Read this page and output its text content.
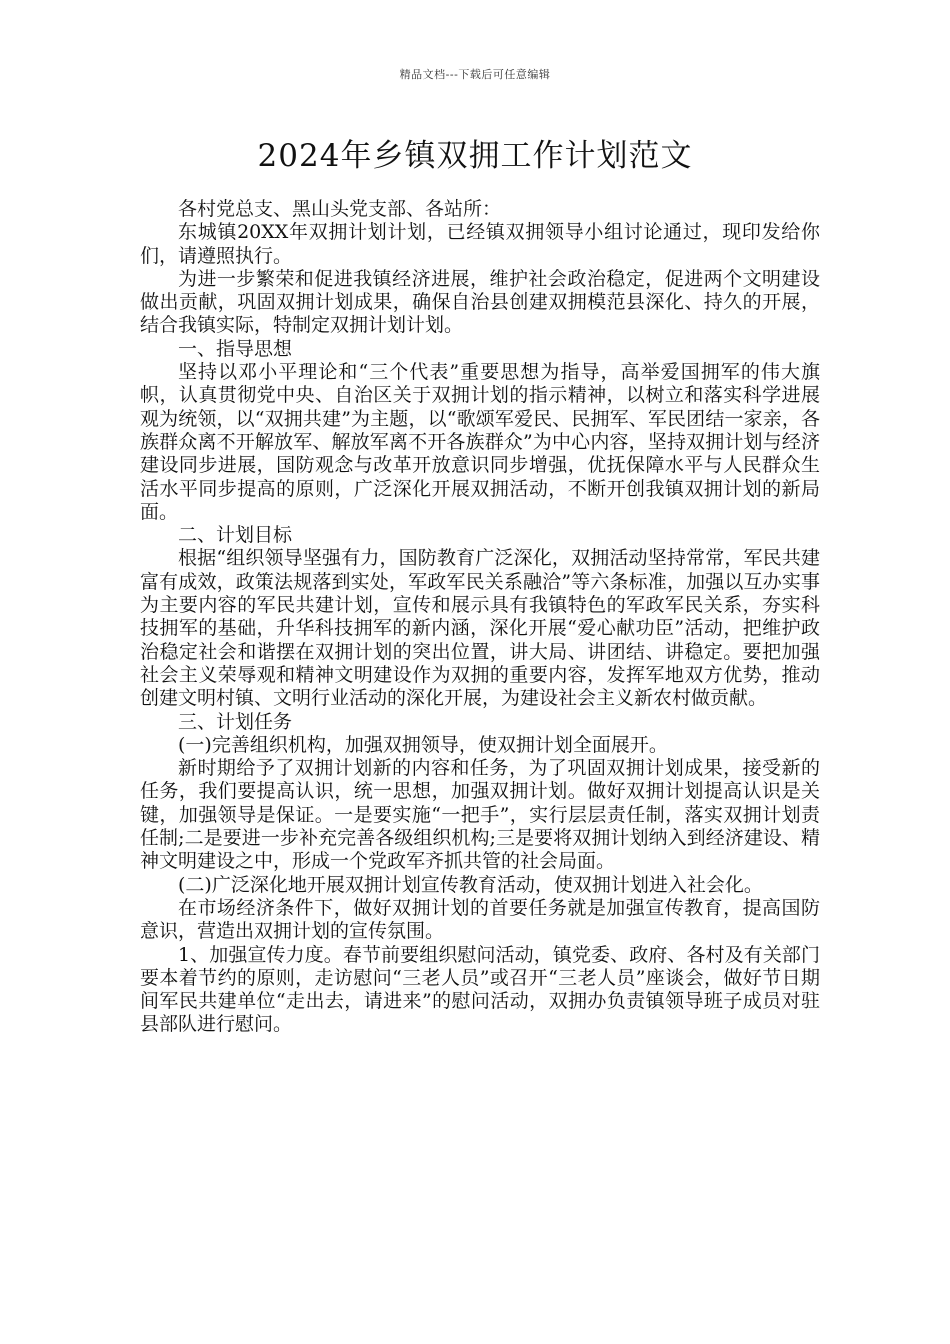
精品文档---下载后可任意编辑
2024年乡镇双拥工作计划范文

各村党总支、黑山头党支部、各站所：

东城镇20XX年双拥计划计划，已经镇双拥领导小组讨论通过，现印发给你们，请遵照执行。

为进一步繁荣和促进我镇经济进展，维护社会政治稳定，促进两个文明建设做出贡献，巩固双拥计划成果，确保自治县创建双拥模范县深化、持久的开展，结合我镇实际，特制定双拥计划计划。

一、指导思想

坚持以邓小平理论和“三个代表”重要思想为指导，高举爱国拥军的伟大旗帜，认真贯彻党中央、自治区关于双拥计划的指示精神，以树立和落实科学进展观为统领，以“双拥共建”为主题，以“歌颂军爱民、民拥军、军民团结一家亲，各族群众离不开解放军、解放军离不开各族群众”为中心内容，坚持双拥计划与经济建设同步进展，国防观念与改革开放意识同步增强，优抚保障水平与人民群众生活水平同步提高的原则，广泛深化开展双拥活动，不断开创我镇双拥计划的新局面。

二、计划目标

根据“组织领导坚强有力，国防教育广泛深化，双拥活动坚持常常，军民共建富有成效，政策法规落到实处，军政军民关系融洽”等六条标准，加强以互办实事为主要内容的军民共建计划，宣传和展示具有我镇特色的军政军民关系，夯实科技拥军的基础，升华科技拥军的新内涵，深化开展“爱心献功臣”活动，把维护政治稳定社会和谐摆在双拥计划的突出位置，讲大局、讲团结、讲稳定。要把加强社会主义荣辱观和精神文明建设作为双拥的重要内容，发挥军地双方优势，推动创建文明村镇、文明行业活动的深化开展，为建设社会主义新农村做贡献。

三、计划任务

(一)完善组织机构，加强双拥领导，使双拥计划全面展开。

新时期给予了双拥计划新的内容和任务，为了巩固双拥计划成果，接受新的任务，我们要提高认识，统一思想，加强双拥计划。做好双拥计划提高认识是关键，加强领导是保证。一是要实施“一把手”，实行层层责任制，落实双拥计划责任制;二是要进一步补充完善各级组织机构;三是要将双拥计划纳入到经济建设、精神文明建设之中，形成一个党政军齐抓共管的社会局面。

(二)广泛深化地开展双拥计划宣传教育活动，使双拥计划进入社会化。

在市场经济条件下，做好双拥计划的首要任务就是加强宣传教育，提高国防意识，营造出双拥计划的宣传氛围。

1、加强宣传力度。春节前要组织慰问活动，镇党委、政府、各村及有关部门要本着节约的原则，走访慰问“三老人员”或召开“三老人员”座谈会，做好节日期间军民共建单位“走出去，请进来”的慰问活动，双拥办负责镇领导班子成员对驻县部队进行慰问。
